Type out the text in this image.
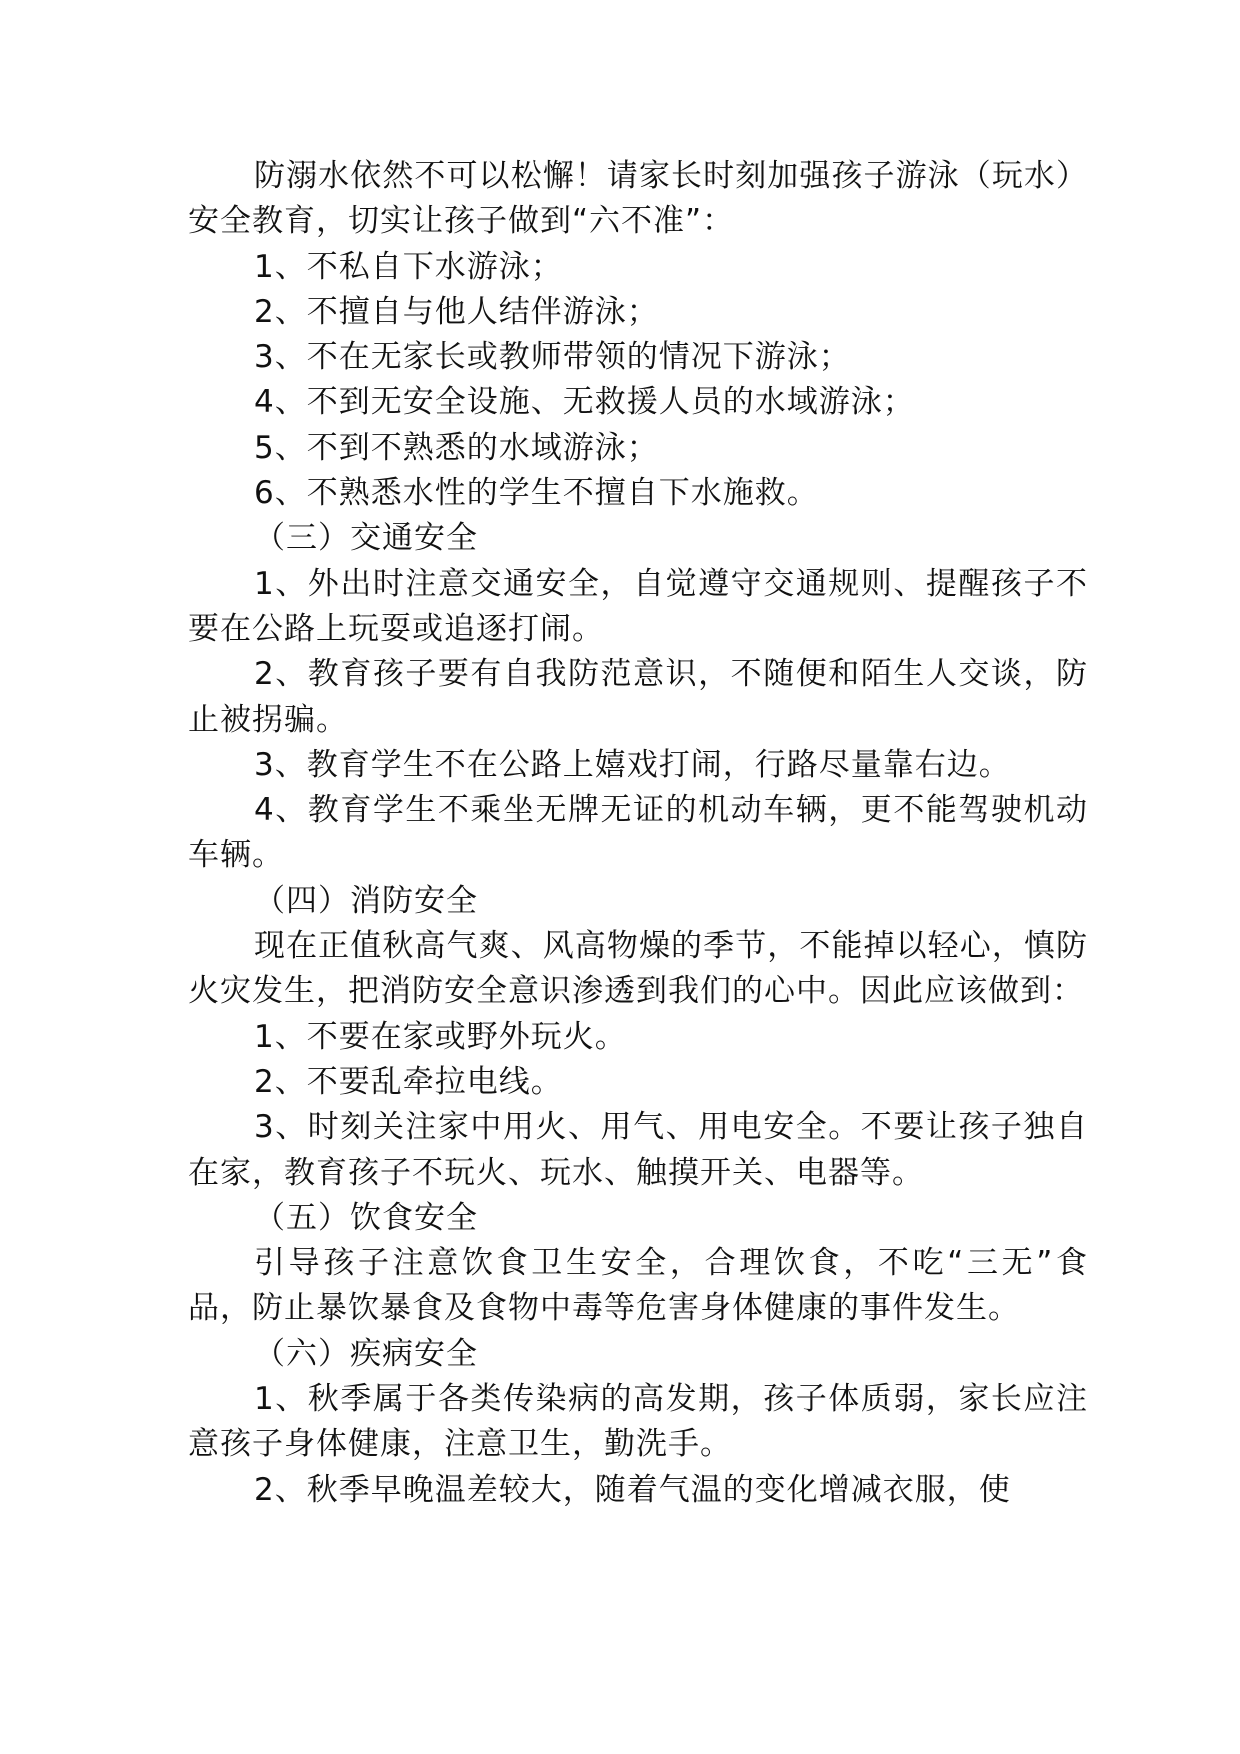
防溺水依然不可以松懈！请家长时刻加强孩子游泳（玩水）安全教育，切实让孩子做到“六不准”：

1、不私自下水游泳；

2、不擅自与他人结伴游泳；

3、不在无家长或教师带领的情况下游泳；

4、不到无安全设施、无救援人员的水域游泳；

5、不到不熟悉的水域游泳；

6、不熟悉水性的学生不擅自下水施救。

（三）交通安全

1、外出时注意交通安全，自觉遵守交通规则、提醒孩子不要在公路上玩耍或追逐打闹。

2、教育孩子要有自我防范意识，不随便和陌生人交谈，防止被拐骗。

3、教育学生不在公路上嬉戏打闹，行路尽量靠右边。

4、教育学生不乘坐无牌无证的机动车辆，更不能驾驶机动车辆。

（四）消防安全

现在正值秋高气爽、风高物燥的季节，不能掉以轻心，慎防火灾发生，把消防安全意识渗透到我们的心中。因此应该做到：

1、不要在家或野外玩火。

2、不要乱牵拉电线。

3、时刻关注家中用火、用气、用电安全。不要让孩子独自在家，教育孩子不玩火、玩水、触摸开关、电器等。

（五）饮食安全

引导孩子注意饮食卫生安全，合理饮食，不吃“三无”食品，防止暴饮暴食及食物中毒等危害身体健康的事件发生。

（六）疾病安全

1、秋季属于各类传染病的高发期，孩子体质弱，家长应注意孩子身体健康，注意卫生，勤洗手。

2、秋季早晚温差较大，随着气温的变化增减衣服，使
